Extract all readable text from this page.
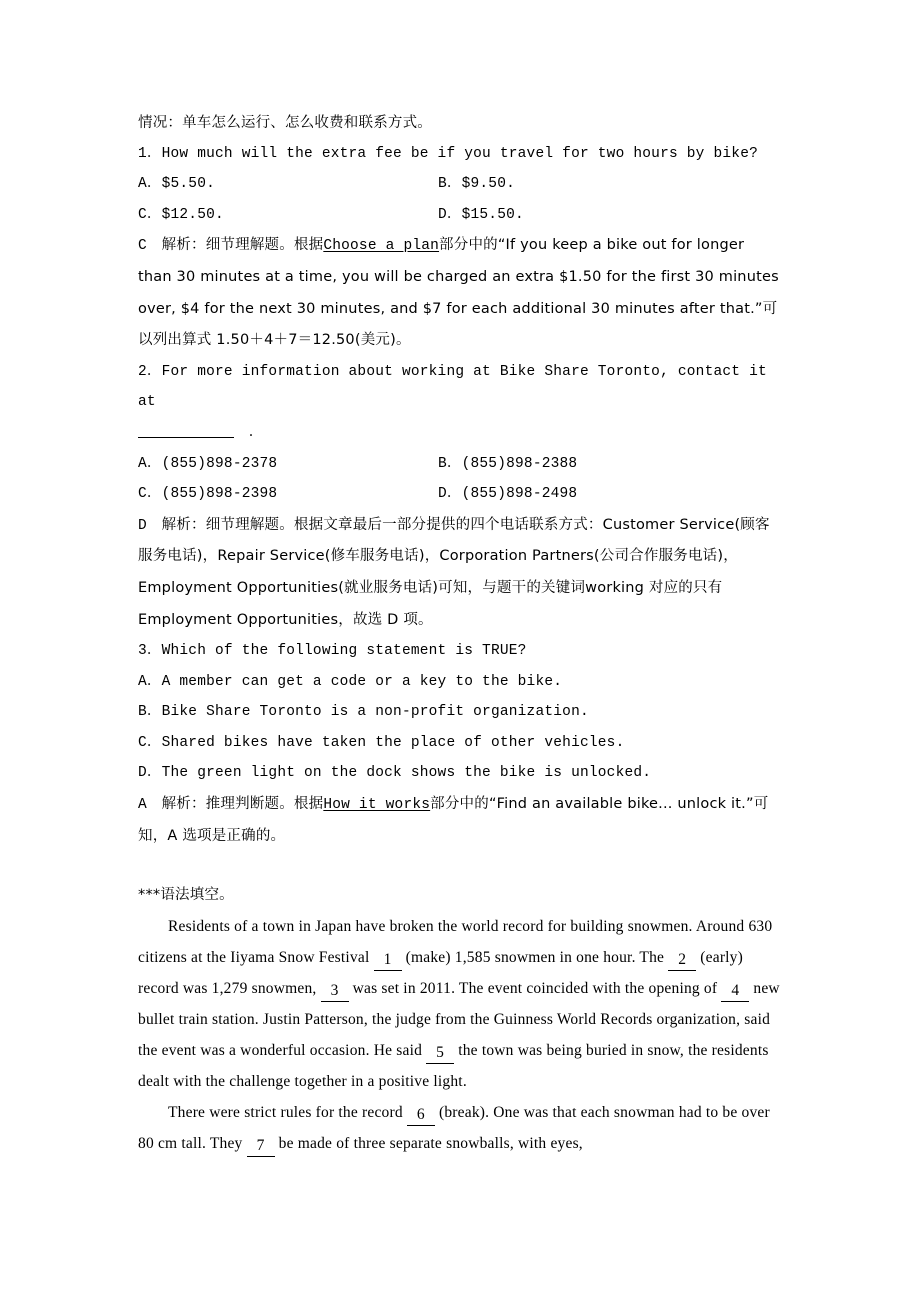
情况：单车怎么运行、怎么收费和联系方式。
1．How much will the extra fee be if you travel for two hours by bike?
A．$5.50.	B．$9.50.
C．$12.50.	D．$15.50.
C　 解析：细节理解题。根据Choose a plan部分中的“If you keep a bike out for longer than 30 minutes at a time, you will be charged an extra $1.50 for the first 30 minutes over, $4 for the next 30 minutes, and $7 for each additional 30 minutes after that.”可以列出算式 1.50＋4＋7＝12.50(美元)。
2．For more information about working at Bike Share Toronto, contact it at
　．
A．(855)898-2378	B．(855)898-2388
C．(855)898-2398	D．(855)898-2498
D　 解析：细节理解题。根据文章最后一部分提供的四个电话联系方式：Customer Service(顾客服务电话)，Repair Service(修车服务电话)，Corporation Partners(公司合作服务电话)，Employment Opportunities(就业服务电话)可知，与题干的关键词working 对应的只有 Employment Opportunities，故选 D 项。
3．Which of the following statement is TRUE?
A．A member can get a code or a key to the bike.
B．Bike Share Toronto is a non-profit organization.
C．Shared bikes have taken the place of other vehicles.
D．The green light on the dock shows the bike is unlocked.
A　 解析：推理判断题。根据How it works部分中的“Find an available bike... unlock it.”可知，A 选项是正确的。
***语法填空。
Residents of a town in Japan have broken the world record for building snowmen. Around 630 citizens at the Iiyama Snow Festival 1 (make) 1,585 snowmen in one hour. The 2 (early) record was 1,279 snowmen, 3 was set in 2011. The event coincided with the opening of 4 new bullet train station. Justin Patterson, the judge from the Guinness World Records organization, said the event was a wonderful occasion. He said 5 the town was being buried in snow, the residents dealt with the challenge together in a positive light.
There were strict rules for the record 6 (break). One was that each snowman had to be over 80 cm tall. They 7 be made of three separate snowballs, with eyes,
